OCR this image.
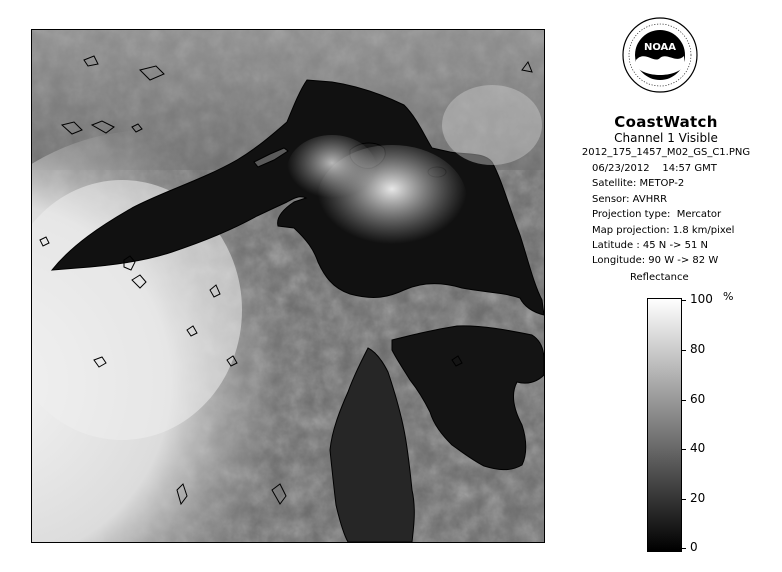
NOAA
CoastWatch
Channel 1 Visible
2012_175_1457_M02_GS_C1.PNG
06/23/2012    14:57 GMT
Satellite: METOP-2
Sensor: AVHRR
Projection type:  Mercator
Map projection: 1.8 km/pixel
Latitude : 45 N -> 51 N
Longitude: 90 W -> 82 W
Reflectance
%
100
80
60
40
20
0
